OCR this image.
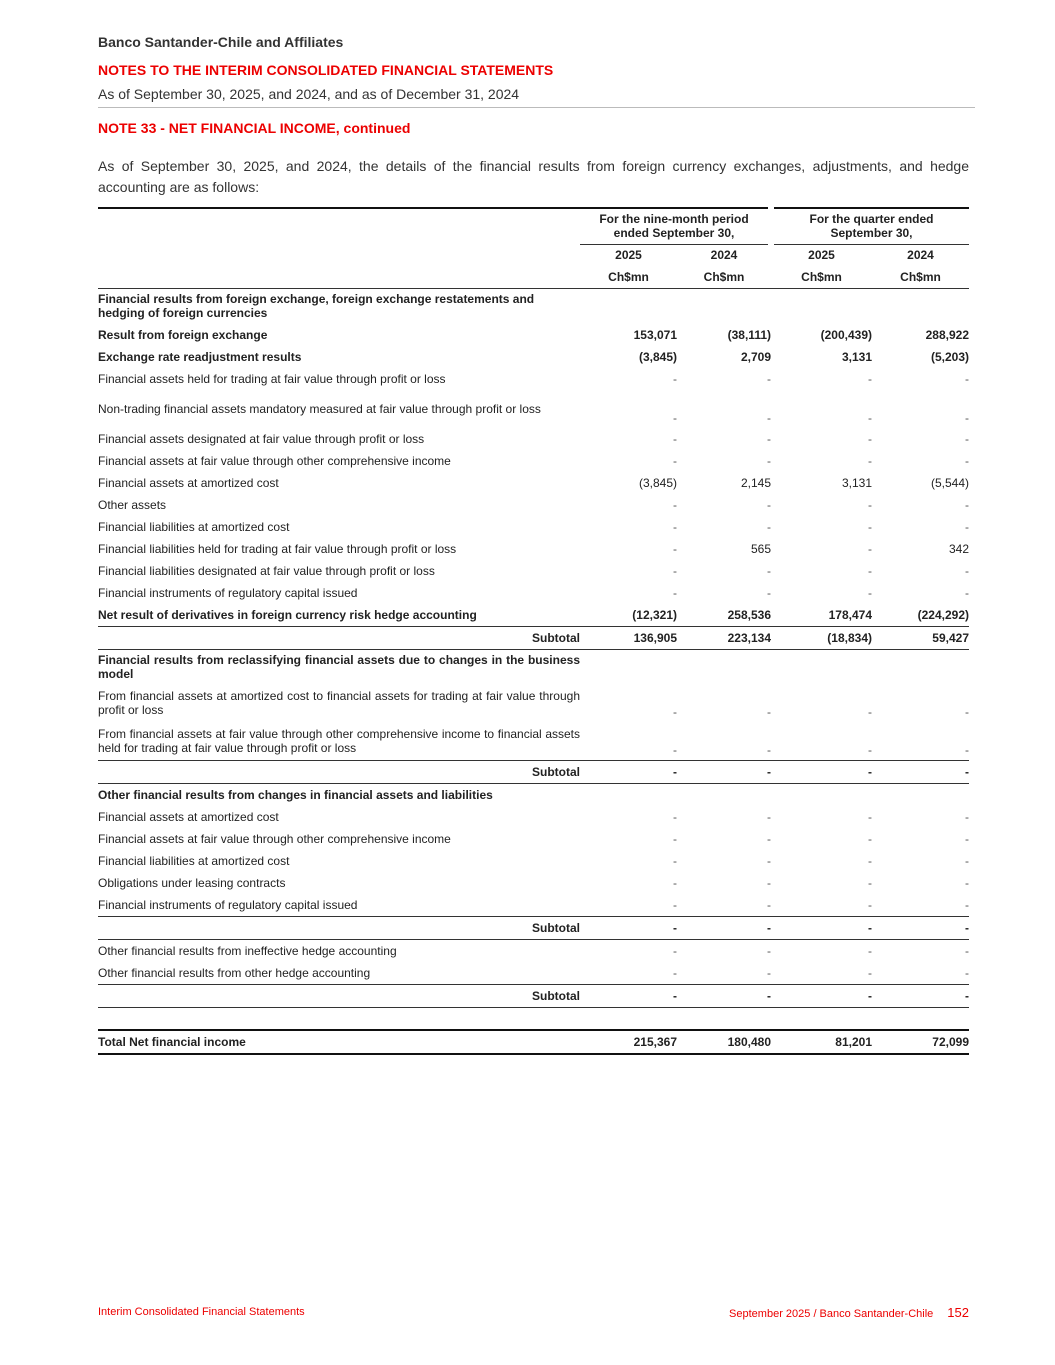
Banco Santander-Chile and Affiliates
NOTES TO THE INTERIM CONSOLIDATED FINANCIAL STATEMENTS
As of September 30, 2025, and 2024, and as of December 31, 2024
NOTE 33 - NET FINANCIAL INCOME, continued
As of September 30, 2025, and 2024, the details of the financial results from foreign currency exchanges, adjustments, and hedge accounting are as follows:
	For the nine-month period ended September 30,		For the quarter ended September 30,	
	2025	2024	2025	2024
	Ch$mn	Ch$mn	Ch$mn	Ch$mn
Financial results from foreign exchange, foreign exchange restatements and hedging of foreign currencies				
Result from foreign exchange	153,071	(38,111)	(200,439)	288,922
Exchange rate readjustment results	(3,845)	2,709	3,131	(5,203)
Financial assets held for trading at fair value through profit or loss	-	-	-	-
Non-trading financial assets mandatory measured at fair value through profit or loss	-	-	-	-
Financial assets designated at fair value through profit or loss	-	-	-	-
Financial assets at fair value through other comprehensive income	-	-	-	-
Financial assets at amortized cost	(3,845)	2,145	3,131	(5,544)
Other assets	-	-	-	-
Financial liabilities at amortized cost	-	-	-	-
Financial liabilities held for trading at fair value through profit or loss	-	565	-	342
Financial liabilities designated at fair value through profit or loss	-	-	-	-
Financial instruments of regulatory capital issued	-	-	-	-
Net result of derivatives in foreign currency risk hedge accounting	(12,321)	258,536	178,474	(224,292)
Subtotal	136,905	223,134	(18,834)	59,427
Financial results from reclassifying financial assets due to changes in the business model				
From financial assets at amortized cost to financial assets for trading at fair value through profit or loss	-	-	-	-
From financial assets at fair value through other comprehensive income to financial assets held for trading at fair value through profit or loss	-	-	-	-
Subtotal	-	-	-	-
Other financial results from changes in financial assets and liabilities				
Financial assets at amortized cost	-	-	-	-
Financial assets at fair value through other comprehensive income	-	-	-	-
Financial liabilities at amortized cost	-	-	-	-
Obligations under leasing contracts	-	-	-	-
Financial instruments of regulatory capital issued	-	-	-	-
Subtotal	-	-	-	-
Other financial results from ineffective hedge accounting	-	-	-	-
Other financial results from other hedge accounting	-	-	-	-
Subtotal	-	-	-	-

Total Net financial income	215,367	180,480	81,201	72,099
Interim Consolidated Financial Statements	September 2025 / Banco Santander-Chile 152
